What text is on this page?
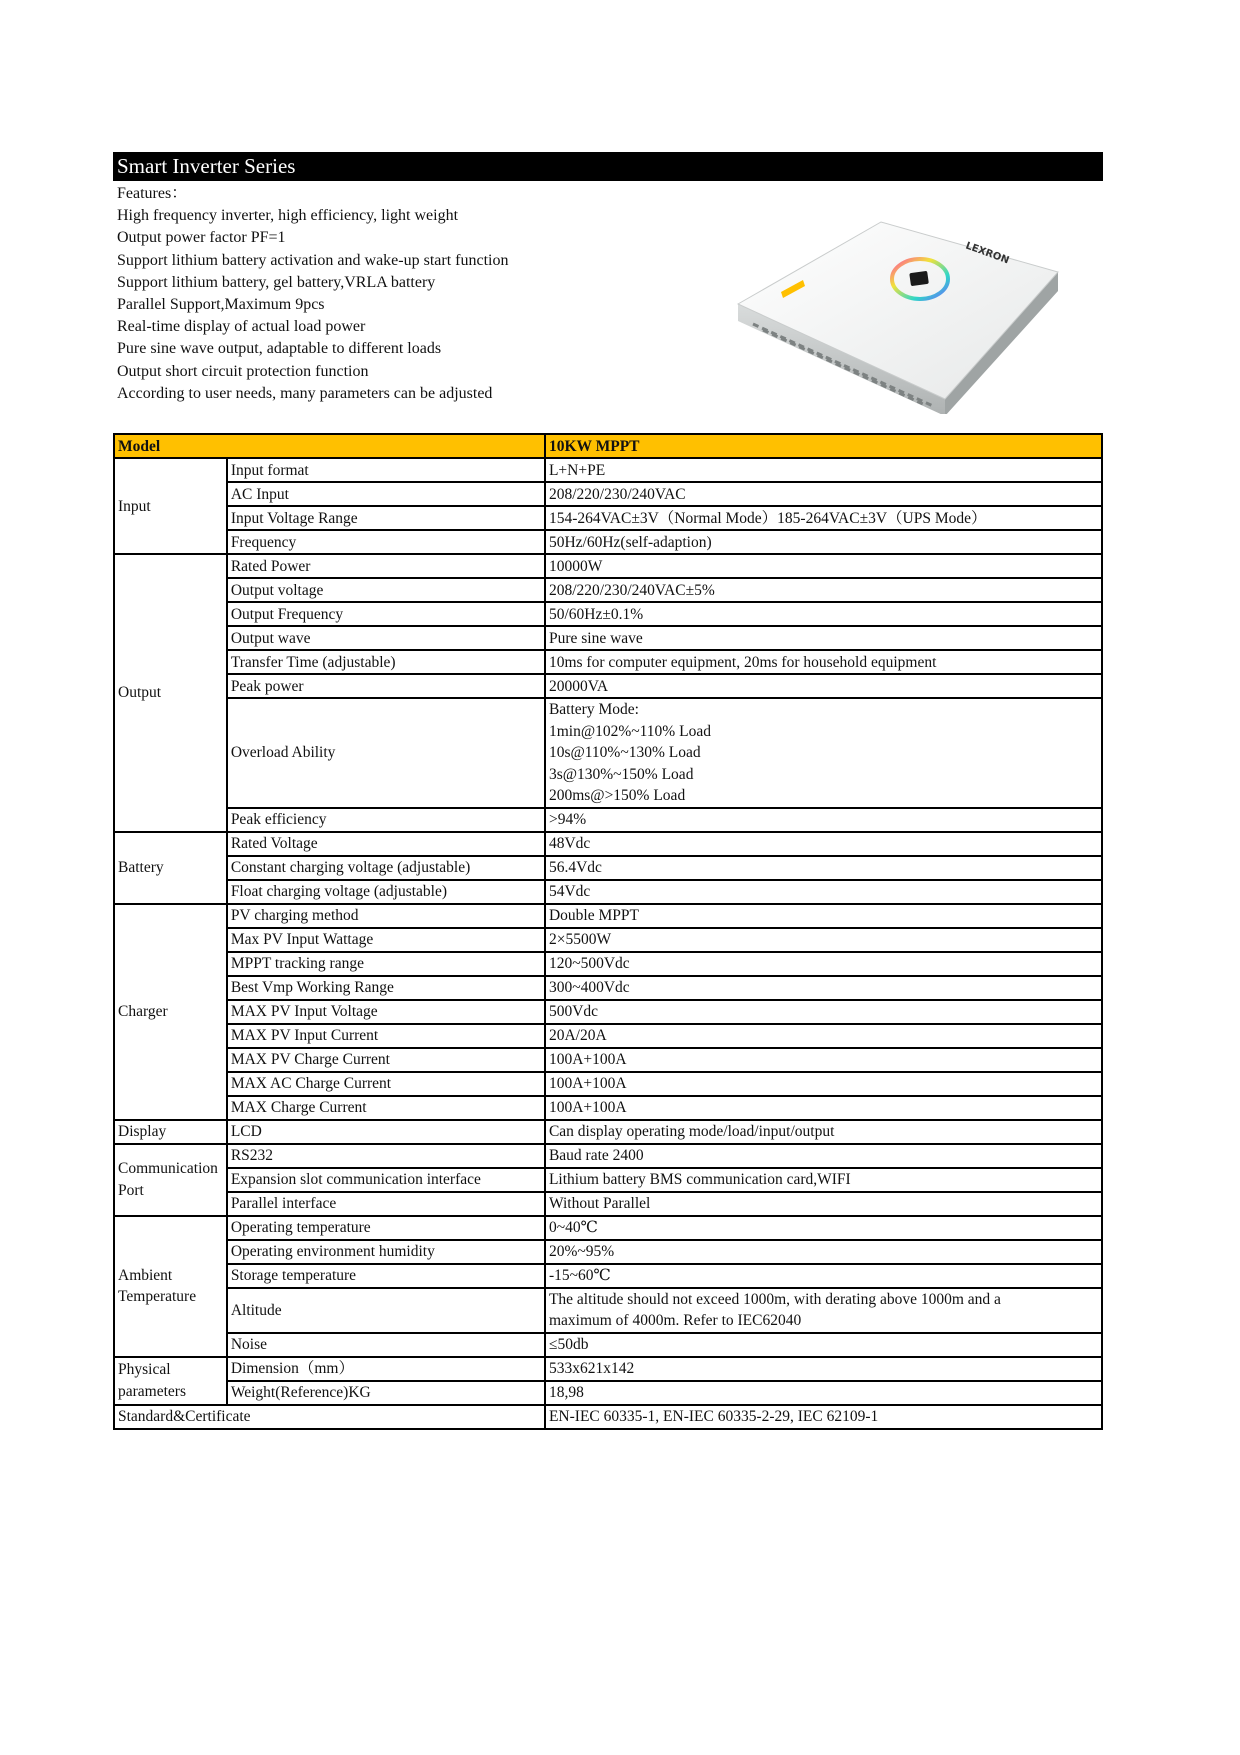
Smart Inverter Series
Features：
High frequency inverter, high efficiency, light weight
Output power factor PF=1
Support lithium battery activation and wake-up start function
Support lithium battery, gel battery,VRLA battery
Parallel Support,Maximum 9pcs
Real-time display of actual load power
Pure sine wave output, adaptable to different loads
Output short circuit protection function
According to user needs, many parameters can be adjusted
LEXRON
Model		10KW MPPT
Input	Input format	L+N+PE
	AC Input	208/220/230/240VAC
	Input Voltage Range	154-264VAC±3V（Normal Mode）185-264VAC±3V（UPS Mode）
	Frequency	50Hz/60Hz(self-adaption)
Output	Rated Power	10000W
	Output voltage	208/220/230/240VAC±5%
	Output Frequency	50/60Hz±0.1%
	Output wave	Pure sine wave
	Transfer Time (adjustable)	10ms for computer equipment, 20ms for household equipment
	Peak power	20000VA
	Overload Ability	Battery Mode:
1min@102%~110% Load
10s@110%~130% Load
3s@130%~150% Load
200ms@>150% Load

	Peak efficiency	>94%
Battery	Rated Voltage	48Vdc
	Constant charging voltage (adjustable)	56.4Vdc
	Float charging voltage (adjustable)	54Vdc
Charger	PV charging method	Double MPPT
	Max PV Input Wattage	2×5500W
	MPPT tracking range	120~500Vdc
	Best Vmp Working Range	300~400Vdc
	MAX PV Input Voltage	500Vdc
	MAX PV Input Current	20A/20A
	MAX PV Charge Current	100A+100A
	MAX AC Charge Current	100A+100A
	MAX Charge Current	100A+100A
Display	LCD	Can display operating mode/load/input/output

Communication
Port	RS232	Baud rate 2400
	Expansion slot communication interface	Lithium battery BMS communication card,WIFI
	Parallel interface	Without Parallel

Ambient
Temperature	Operating temperature	0~40℃
	Operating environment humidity	20%~95%
	Storage temperature	-15~60℃
	Altitude	The altitude should not exceed 1000m, with derating above 1000m and a
maximum of 4000m. Refer to IEC62040

	Noise	≤50db

Physical
parameters	Dimension（mm）	533x621x142
	Weight(Reference)KG	18,98
Standard&Certificate		EN-IEC 60335-1, EN-IEC 60335-2-29, IEC 62109-1
